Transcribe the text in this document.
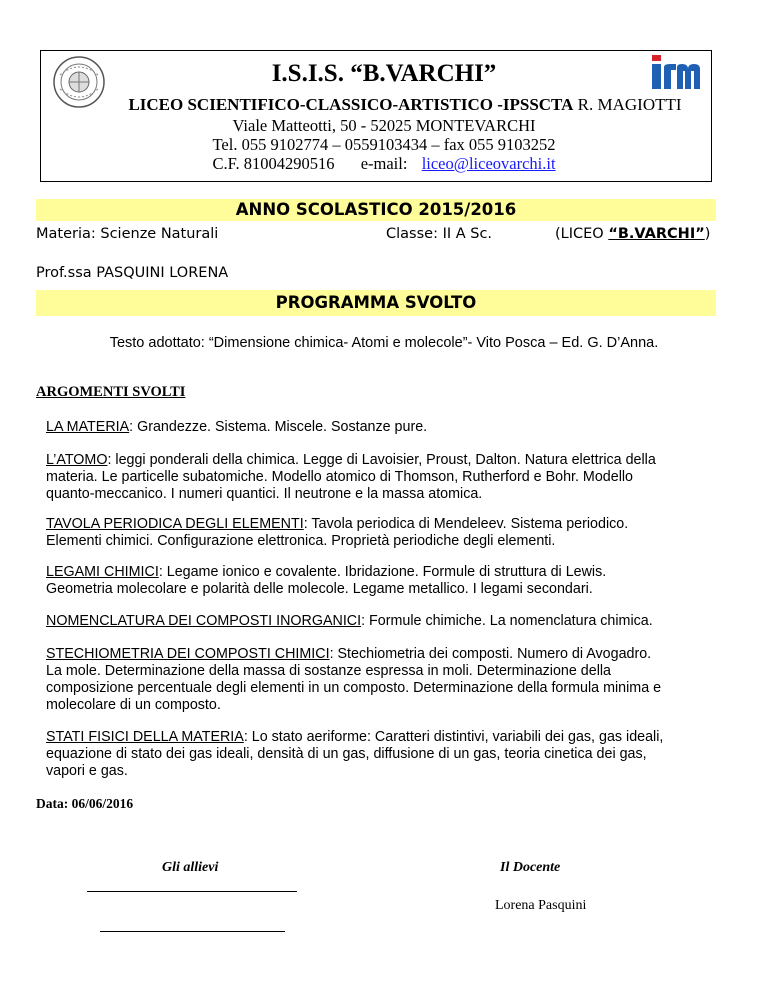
I.S.I.S. “B.VARCHI”
LICEO SCIENTIFICO-CLASSICO-ARTISTICO -IPSSCTA R. MAGIOTTI
Viale Matteotti, 50 - 52025 MONTEVARCHI
Tel. 055 9102774 – 0559103434 – fax 055 9103252
C.F. 81004290516 e-mail: liceo@liceovarchi.it
ANNO SCOLASTICO 2015/2016
Materia: Scienze Naturali	Classe: II A Sc.	(LICEO “B.VARCHI”)
Prof.ssa PASQUINI LORENA
PROGRAMMA SVOLTO
Testo adottato: “Dimensione chimica- Atomi e molecole”- Vito Posca – Ed. G. D’Anna.
ARGOMENTI SVOLTI
LA MATERIA: Grandezze. Sistema. Miscele. Sostanze pure.
L’ATOMO: leggi ponderali della chimica. Legge di Lavoisier, Proust, Dalton. Natura elettrica della
materia. Le particelle subatomiche. Modello atomico di Thomson, Rutherford e Bohr. Modello
quanto-meccanico. I numeri quantici. Il neutrone e la massa atomica.
TAVOLA PERIODICA DEGLI ELEMENTI: Tavola periodica di Mendeleev. Sistema periodico.
Elementi chimici. Configurazione elettronica. Proprietà periodiche degli elementi.
LEGAMI CHIMICI: Legame ionico e covalente. Ibridazione. Formule di struttura di Lewis.
Geometria molecolare e polarità delle molecole. Legame metallico. I legami secondari.
NOMENCLATURA DEI COMPOSTI INORGANICI: Formule chimiche. La nomenclatura chimica.
STECHIOMETRIA DEI COMPOSTI CHIMICI: Stechiometria dei composti. Numero di Avogadro.
La mole. Determinazione della massa di sostanze espressa in moli. Determinazione della
composizione percentuale degli elementi in un composto. Determinazione della formula minima e
molecolare di un composto.
STATI FISICI DELLA MATERIA: Lo stato aeriforme: Caratteri distintivi, variabili dei gas, gas ideali,
equazione di stato dei gas ideali, densità di un gas, diffusione di un gas, teoria cinetica dei gas,
vapori e gas.
Data: 06/06/2016
Gli allievi	Il Docente
Lorena Pasquini
